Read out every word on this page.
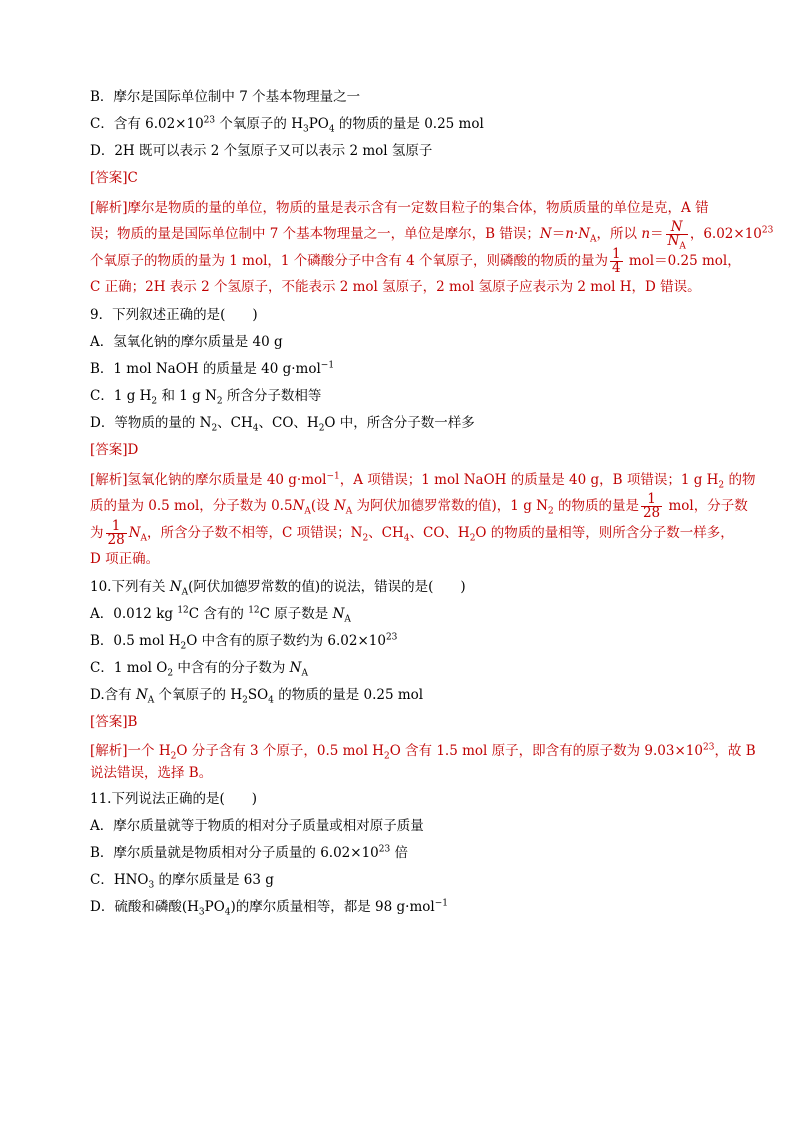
B．摩尔是国际单位制中 7 个基本物理量之一
C．含有 $6.02\times 10^{23}$ 个氧原子的 $H_3PO_4$ 的物质的量是 0.25 mol
D．2H 既可以表示 2 个氢原子又可以表示 2 mol 氢原子
[答案]C
[解析]摩尔是物质的量的单位，物质的量是表示含有一定数目粒子的集合体，物质质量的单位是克，A 错
误；物质的量是国际单位制中 7 个基本物理量之一，单位是摩尔，B 错误；$N=n\cdot N_A$，所以 $n= \frac{N}{N_A}$ ，$6.02\times 10^{23}$
个氧原子的物质的量为 1 mol，1 个磷酸分子中含有 4 个氧原子，则磷酸的物质的量为 $\frac{1}{4} mol=0.25$ mol，
C 正确；2H 表示 2 个氢原子，不能表示 2 mol 氢原子，2 mol 氢原子应表示为 2 mol H，D 错误。
9．下列叙述正确的是(　　)
A．氢氧化钠的摩尔质量是 40 g
B．1 mol NaOH 的质量是 40 g·mol$^{-1}$
C．1 g $H_2$ 和 1 g $N_2$ 所含分子数相等
D．等物质的量的 $N_2$、$CH_4$、CO、$H_2O$ 中，所含分子数一样多
[答案]D
[解析]氢氧化钠的摩尔质量是 40 g·mol$^{-1}$，A 项错误；1 mol NaOH 的质量是 40 g，B 项错误；1 g $H_2$ 的物
质的量为 0.5 mol，分子数为 $0.5N_A$(设 $N_A$ 为阿伏加德罗常数的值)，1 g $N_2$ 的物质的量是 $\frac{1}{28}$ mol，分子数
为 $\frac{1}{28} N_A$，所含分子数不相等，C 项错误；$N_2$、$CH_4$、CO、$H_2O$ 的物质的量相等，则所含分子数一样多，
D 项正确。
10.下列有关 $N_A$(阿伏加德罗常数的值)的说法，错误的是(　　)
A．0.012 kg $^{12}$C 含有的 $^{12}$C 原子数是 $N_A$
B．0.5 mol $H_2O$ 中含有的原子数约为 $6.02\times 10^{23}$
C．1 mol $O_2$ 中含有的分子数为 $N_A$
D.含有 $N_A$ 个氧原子的 $H_2SO_4$ 的物质的量是 0.25 mol
[答案]B
[解析]一个 $H_2O$ 分子含有 3 个原子，0.5 mol $H_2O$ 含有 1.5 mol 原子，即含有的原子数为 $9.03\times 10^{23}$，故 B
说法错误，选择 B。
11.下列说法正确的是(　　)
A．摩尔质量就等于物质的相对分子质量或相对原子质量
B．摩尔质量就是物质相对分子质量的 $6.02\times 10^{23}$ 倍
C．$HNO_3$ 的摩尔质量是 63 g
D．硫酸和磷酸$(H_3PO_4)$的摩尔质量相等，都是 98 g·mol$^{-1}$
